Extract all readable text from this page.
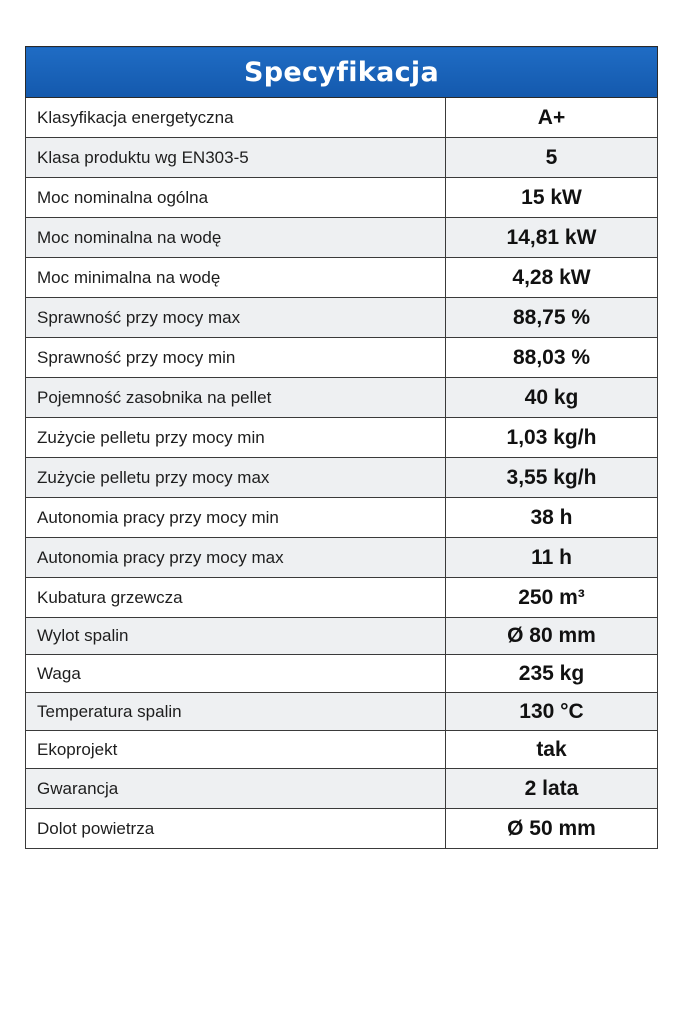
Specyfikacja	
Klasyfikacja energetyczna	A+
Klasa produktu wg EN303-5	5
Moc nominalna ogólna	15 kW
Moc nominalna na wodę	14,81 kW
Moc minimalna na wodę	4,28 kW
Sprawność przy mocy max	88,75 %
Sprawność przy mocy min	88,03 %
Pojemność zasobnika na pellet	40 kg
Zużycie pelletu przy mocy min	1,03 kg/h
Zużycie pelletu przy mocy max	3,55 kg/h
Autonomia pracy przy mocy min	38 h
Autonomia pracy przy mocy max	11 h
Kubatura grzewcza	250 m³
Wylot spalin	Ø 80 mm
Waga	235 kg
Temperatura spalin	130 °C
Ekoprojekt	tak
Gwarancja	2 lata
Dolot powietrza	Ø 50 mm
